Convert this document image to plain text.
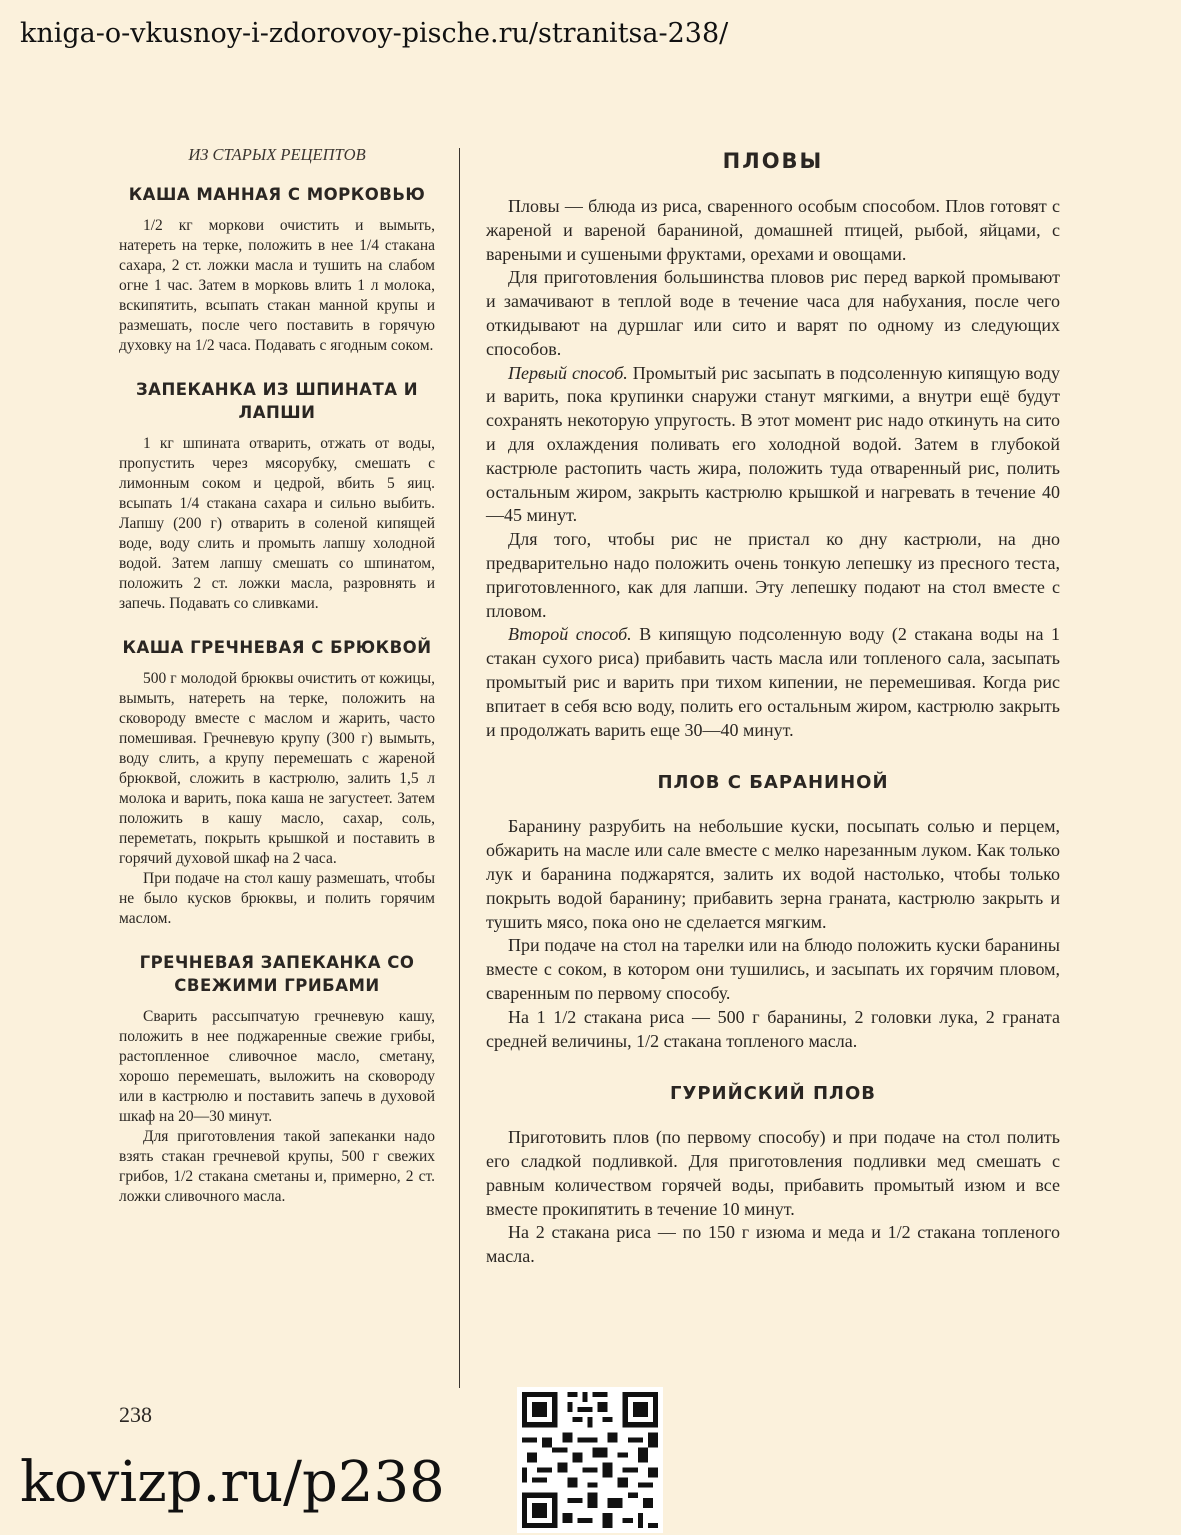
kniga-o-vkusnoy-i-zdorovoy-pische.ru/stranitsa-238/
ИЗ СТАРЫХ РЕЦЕПТОВ
КАША МАННАЯ С МОРКОВЬЮ

1/2 кг моркови очистить и вымыть, натереть на терке, положить в нее 1/4 стакана сахара, 2 ст. ложки масла и тушить на слабом огне 1 час. Затем в морковь влить 1 л молока, вскипятить, всыпать стакан манной крупы и размешать, после чего поставить в горячую духовку на 1/2 часа. Подавать с ягодным соком.

ЗАПЕКАНКА ИЗ ШПИНАТА И ЛАПШИ

1 кг шпината отварить, отжать от воды, пропустить через мясорубку, смешать с лимонным соком и цедрой, вбить 5 яиц. всыпать 1/4 стакана сахара и сильно выбить. Лапшу (200 г) отварить в соленой кипящей воде, воду слить и промыть лапшу холодной водой. Затем лапшу смешать со шпинатом, положить 2 ст. ложки масла, разровнять и запечь. Подавать со сливками.

КАША ГРЕЧНЕВАЯ С БРЮКВОЙ

500 г молодой брюквы очистить от кожицы, вымыть, натереть на терке, положить на сковороду вместе с маслом и жарить, часто помешивая. Гречневую крупу (300 г) вымыть, воду слить, а крупу перемешать с жареной брюквой, сложить в кастрюлю, залить 1,5 л молока и варить, пока каша не загустеет. Затем положить в кашу масло, сахар, соль, переметать, покрыть крышкой и поставить в горячий духовой шкаф на 2 часа.

При подаче на стол кашу размешать, чтобы не было кусков брюквы, и полить горячим маслом.

ГРЕЧНЕВАЯ ЗАПЕКАНКА СО СВЕЖИМИ ГРИБАМИ

Сварить рассыпчатую гречневую кашу, положить в нее поджаренные свежие грибы, растопленное сливочное масло, сметану, хорошо перемешать, выложить на сковороду или в кастрюлю и поставить запечь в духовой шкаф на 20—30 минут.

Для приготовления такой запеканки надо взять стакан гречневой крупы, 500 г свежих грибов, 1/2 стакана сметаны и, примерно, 2 ст. ложки сливочного масла.

ПЛОВЫ

Пловы — блюда из риса, сваренного особым способом. Плов готовят с жареной и вареной бараниной, домашней птицей, рыбой, яйцами, с вареными и сушеными фруктами, орехами и овощами.

Для приготовления большинства пловов рис перед варкой промывают и замачивают в теплой воде в течение часа для набухания, после чего откидывают на дуршлаг или сито и варят по одному из следующих способов.

Первый способ. Промытый рис засыпать в подсоленную кипящую воду и варить, пока крупинки снаружи станут мягкими, а внутри ещё будут сохранять некоторую упругость. В этот момент рис надо откинуть на сито и для охлаждения поливать его холодной водой. Затем в глубокой кастрюле растопить часть жира, положить туда отваренный рис, полить остальным жиром, закрыть кастрюлю крышкой и нагревать в течение 40—45 минут.

Для того, чтобы рис не пристал ко дну кастрюли, на дно предварительно надо положить очень тонкую лепешку из пресного теста, приготовленного, как для лапши. Эту лепешку подают на стол вместе с пловом.

Второй способ. В кипящую подсоленную воду (2 стакана воды на 1 стакан сухого риса) прибавить часть масла или топленого сала, засыпать промытый рис и варить при тихом кипении, не перемешивая. Когда рис впитает в себя всю воду, полить его остальным жиром, кастрюлю закрыть и продолжать варить еще 30—40 минут.

ПЛОВ С БАРАНИНОЙ

Баранину разрубить на небольшие куски, посыпать солью и перцем, обжарить на масле или сале вместе с мелко нарезанным луком. Как только лук и баранина поджарятся, залить их водой настолько, чтобы только покрыть водой баранину; прибавить зерна граната, кастрюлю закрыть и тушить мясо, пока оно не сделается мягким.

При подаче на стол на тарелки или на блюдо положить куски баранины вместе с соком, в котором они тушились, и засыпать их горячим пловом, сваренным по первому способу.

На 1 1/2 стакана риса — 500 г баранины, 2 головки лука, 2 граната средней величины, 1/2 стакана топленого масла.

ГУРИЙСКИЙ ПЛОВ

Приготовить плов (по первому способу) и при подаче на стол полить его сладкой подливкой. Для приготовления подливки мед смешать с равным количеством горячей воды, прибавить промытый изюм и все вместе прокипятить в течение 10 минут.

На 2 стакана риса — по 150 г изюма и меда и 1/2 стакана топленого масла.

238
kovizp.ru/p238
